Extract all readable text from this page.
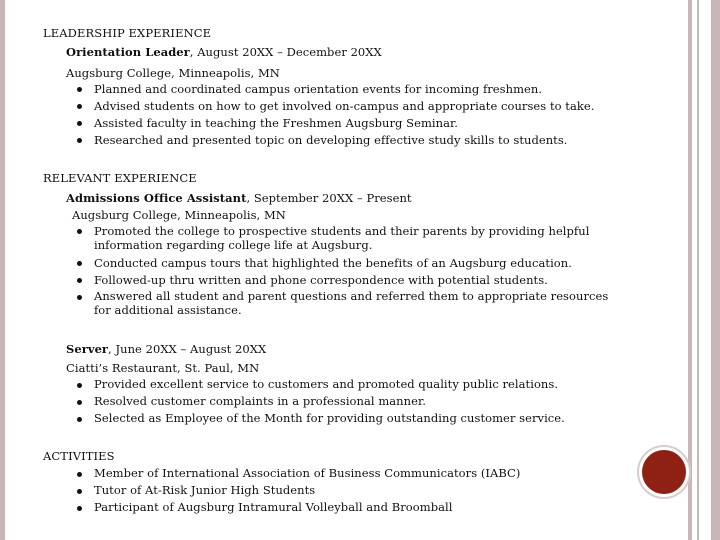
LEADERSHIP EXPERIENCE
Orientation Leader, August 20XX – December 20XX
Augsburg College, Minneapolis, MN
Planned and coordinated campus orientation events for incoming freshmen.
Advised students on how to get involved on-campus and appropriate courses to take.
Assisted faculty in teaching the Freshmen Augsburg Seminar.
Researched and presented topic on developing effective study skills to students.
RELEVANT EXPERIENCE
Admissions Office Assistant, September 20XX – Present
Augsburg College, Minneapolis, MN
Promoted the college to prospective students and their parents by providing helpful
information regarding college life at Augsburg.
Conducted campus tours that highlighted the benefits of an Augsburg education.
Followed-up thru written and phone correspondence with potential students.
Answered all student and parent questions and referred them to appropriate resources
for additional assistance.
Server, June 20XX – August 20XX
Ciatti’s Restaurant, St. Paul, MN
Provided excellent service to customers and promoted quality public relations.
Resolved customer complaints in a professional manner.
Selected as Employee of the Month for providing outstanding customer service.
ACTIVITIES
Member of International Association of Business Communicators (IABC)
Tutor of At-Risk Junior High Students
Participant of Augsburg Intramural Volleyball and Broomball
